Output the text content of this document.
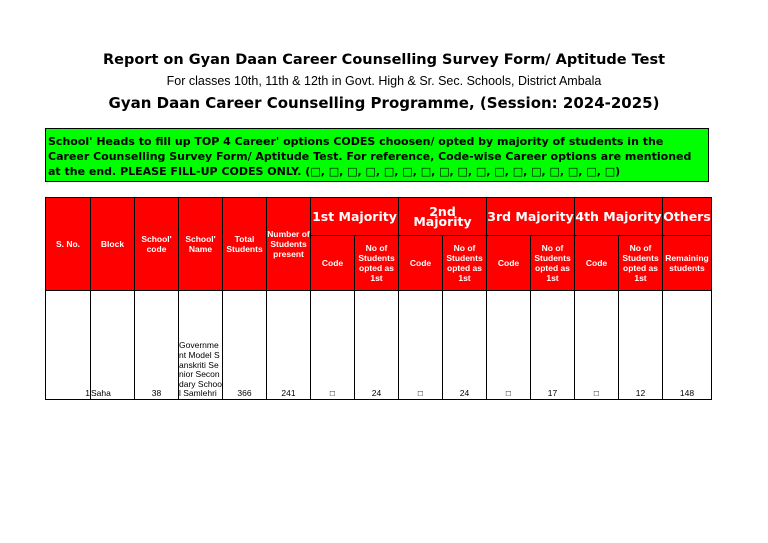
Report on Gyan Daan Career Counselling Survey Form/ Aptitude Test
For classes 10th, 11th & 12th in Govt. High & Sr. Sec. Schools, District Ambala
Gyan Daan Career Counselling Programme, (Session: 2024-2025)
School' Heads to fill up TOP 4 Career' options CODES choosen/ opted by majority of students in the Career Counselling Survey Form/ Aptitude Test. For reference, Code-wise Career options are mentioned at the end. PLEASE FILL-UP CODES ONLY. (□, □, □, □, □, □, □, □, □, □, □, □, □, □, □, □, □)
S. No.	Block	School' code	School' Name	Total Students	Number of Students present	1st Majority		2nd Majority		3rd Majority		4th Majority		Others
						Code	No of Students opted as 1st	Code	No of Students opted as 1st	Code	No of Students opted as 1st	Code	No of Students opted as 1st	Remaining students
1	Saha	38	Government Model Sanskriti Senior Secondary School Samlehri	366	241	□	24	□	24	□	17	□	12	148
